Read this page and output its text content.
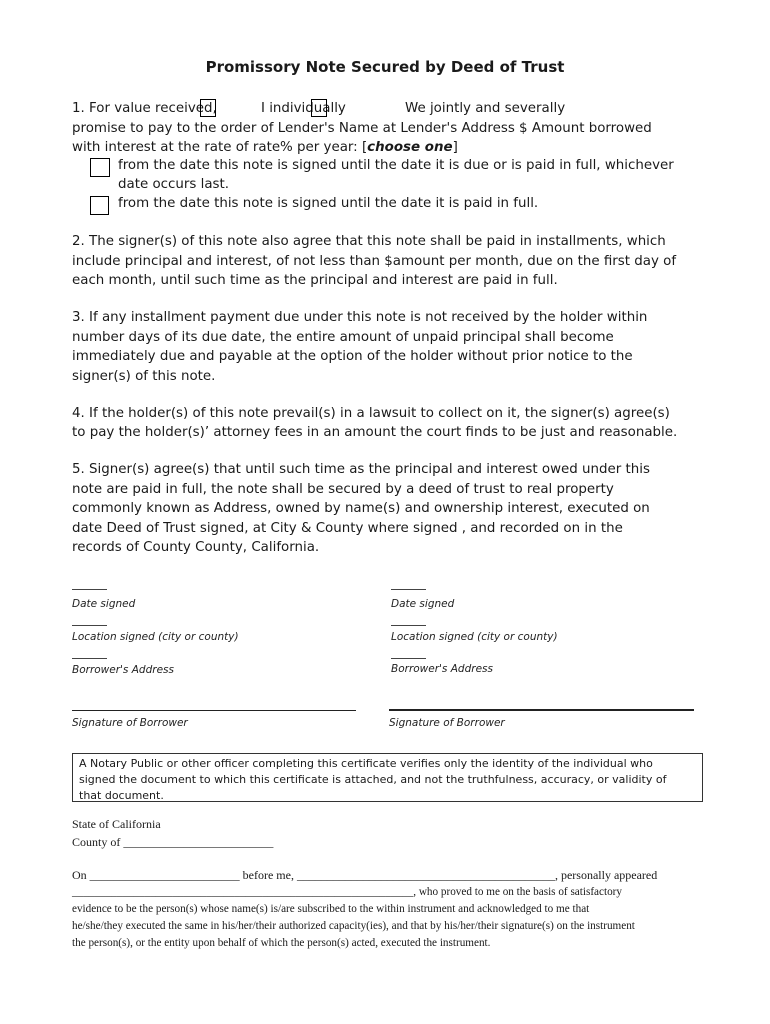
Promissory Note Secured by Deed of Trust
1. For value received,	I individually	We jointly and severally
promise to pay to the order of Lender's Name at Lender's Address $ Amount borrowed
with interest at the rate of rate% per year: [choose one]
from the date this note is signed until the date it is due or is paid in full, whichever
date occurs last.
from the date this note is signed until the date it is paid in full.
2. The signer(s) of this note also agree that this note shall be paid in installments, which
include principal and interest, of not less than $amount per month, due on the first day of
each month, until such time as the principal and interest are paid in full.
3. If any installment payment due under this note is not received by the holder within
number days of its due date, the entire amount of unpaid principal shall become
immediately due and payable at the option of the holder without prior notice to the
signer(s) of this note.
4. If the holder(s) of this note prevail(s) in a lawsuit to collect on it, the signer(s) agree(s)
to pay the holder(s)’ attorney fees in an amount the court finds to be just and reasonable.
5. Signer(s) agree(s) that until such time as the principal and interest owed under this
note are paid in full, the note shall be secured by a deed of trust to real property
commonly known as Address, owned by name(s) and ownership interest, executed on
date Deed of Trust signed, at City & County where signed , and recorded on in the
records of County County, California.
Date signed
Location signed (city or county)
Borrower's Address
Signature of Borrower
Date signed
Location signed (city or county)
Borrower's Address
Signature of Borrower
A Notary Public or other officer completing this certificate verifies only the identity of the individual who
signed the document to which this certificate is attached, and not the truthfulness, accuracy, or validity of
that document.
State of California
County of _________________________
On _________________________ before me, ___________________________________________, personally appeared
_____________________________________________________________, who proved to me on the basis of satisfactory
evidence to be the person(s) whose name(s) is/are subscribed to the within instrument and acknowledged to me that
he/she/they executed the same in his/her/their authorized capacity(ies), and that by his/her/their signature(s) on the instrument
the person(s), or the entity upon behalf of which the person(s) acted, executed the instrument.
